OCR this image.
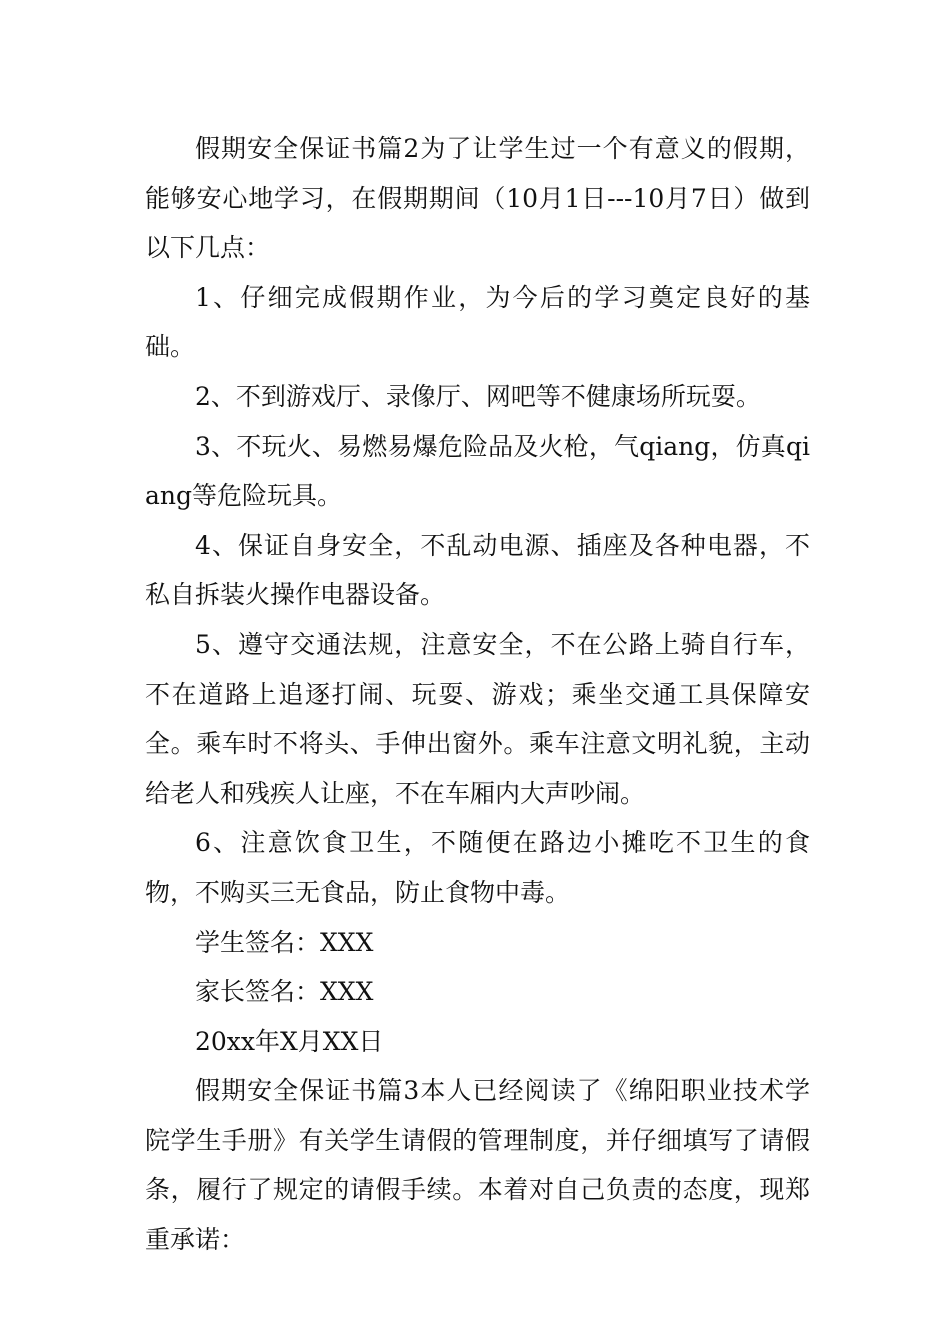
假期安全保证书篇2为了让学生过一个有意义的假期，能够安心地学习，在假期期间（10月1日---10月7日）做到以下几点：

1、仔细完成假期作业，为今后的学习奠定良好的基础。

2、不到游戏厅、录像厅、网吧等不健康场所玩耍。

3、不玩火、易燃易爆危险品及火枪，气qiang，仿真qiang等危险玩具。

4、保证自身安全，不乱动电源、插座及各种电器，不私自拆装火操作电器设备。

5、遵守交通法规，注意安全，不在公路上骑自行车，不在道路上追逐打闹、玩耍、游戏；乘坐交通工具保障安全。乘车时不将头、手伸出窗外。乘车注意文明礼貌，主动给老人和残疾人让座，不在车厢内大声吵闹。

6、注意饮食卫生，不随便在路边小摊吃不卫生的食物，不购买三无食品，防止食物中毒。

学生签名：XXX

家长签名：XXX

20xx年X月XX日

假期安全保证书篇3本人已经阅读了《绵阳职业技术学院学生手册》有关学生请假的管理制度，并仔细填写了请假条，履行了规定的请假手续。本着对自己负责的态度，现郑重承诺：
